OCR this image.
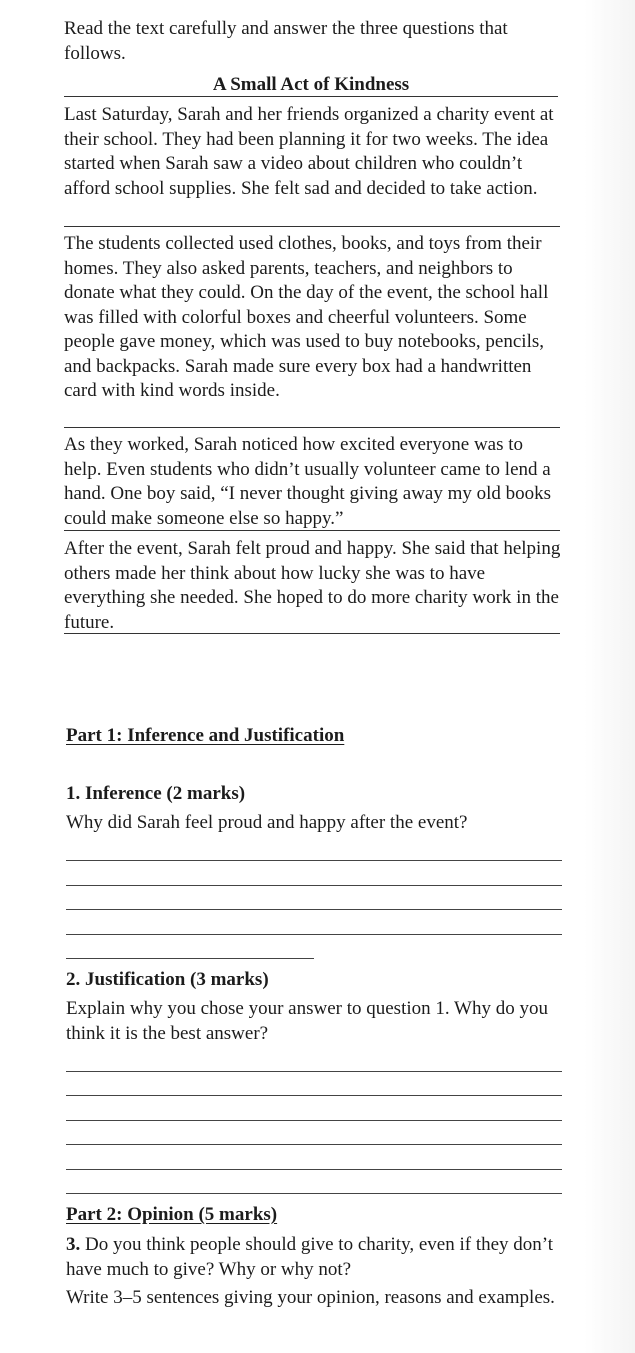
Read the text carefully and answer the three questions that follows.
A Small Act of Kindness
Last Saturday, Sarah and her friends organized a charity event at their school. They had been planning it for two weeks. The idea started when Sarah saw a video about children who couldn’t afford school supplies. She felt sad and decided to take action.
The students collected used clothes, books, and toys from their homes. They also asked parents, teachers, and neighbors to donate what they could. On the day of the event, the school hall was filled with colorful boxes and cheerful volunteers. Some people gave money, which was used to buy notebooks, pencils, and backpacks. Sarah made sure every box had a handwritten card with kind words inside.
As they worked, Sarah noticed how excited everyone was to help. Even students who didn’t usually volunteer came to lend a hand. One boy said, “I never thought giving away my old books could make someone else so happy.”
After the event, Sarah felt proud and happy. She said that helping others made her think about how lucky she was to have everything she needed. She hoped to do more charity work in the future.
Part 1: Inference and Justification
1. Inference (2 marks)
Why did Sarah feel proud and happy after the event?
2. Justification (3 marks)
Explain why you chose your answer to question 1. Why do you think it is the best answer?
Part 2: Opinion (5 marks)
3. Do you think people should give to charity, even if they don’t have much to give? Why or why not?
Write 3–5 sentences giving your opinion, reasons and examples.
